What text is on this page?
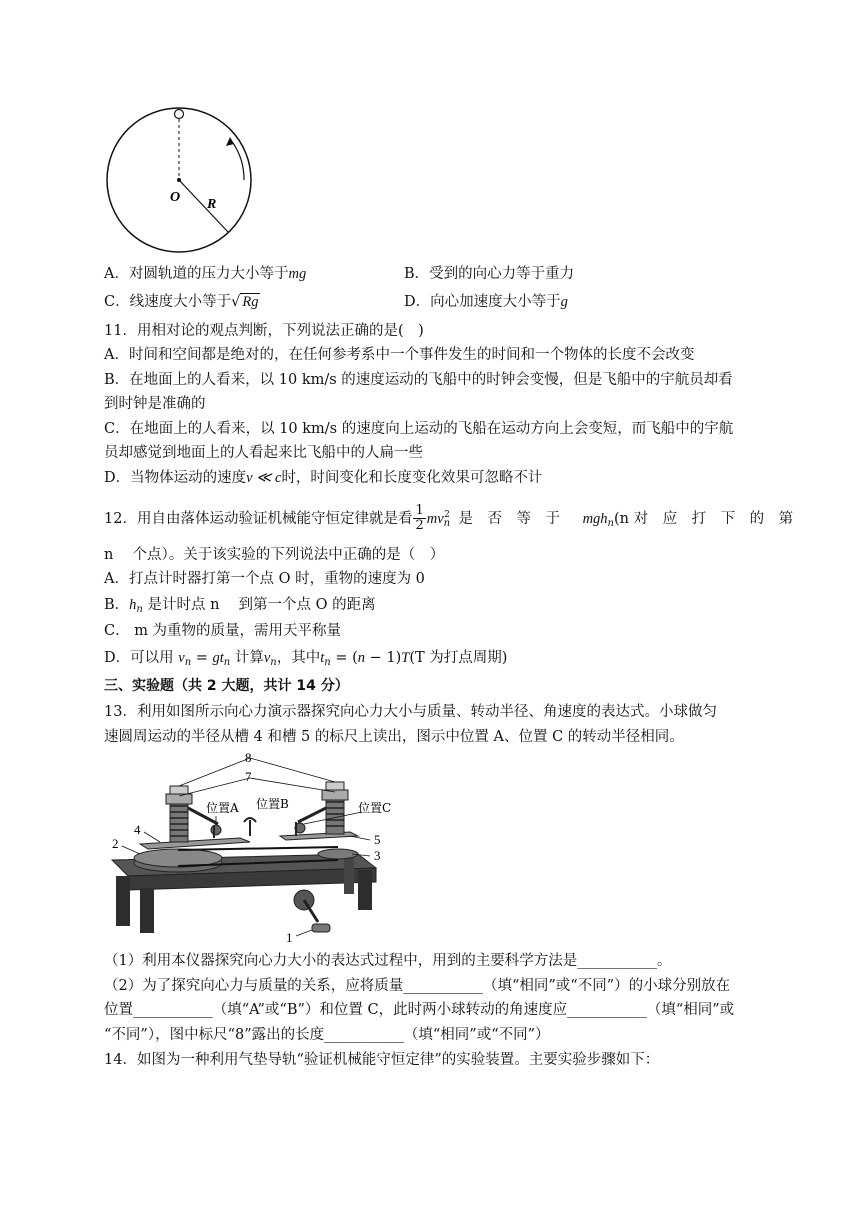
O R
A．对圆轨道的压力大小等于mg	B．受到的向心力等于重力
C．线速度大小等于√ Rg	D．向心加速度大小等于g
11．用相对论的观点判断，下列说法正确的是(　)
A．时间和空间都是绝对的，在任何参考系中一个事件发生的时间和一个物体的长度不会改变
B．在地面上的人看来，以 10 km/s 的速度运动的飞船中的时钟会变慢，但是飞船中的宇航员却看
到时钟是准确的
C．在地面上的人看来，以 10 km/s 的速度向上运动的飞船在运动方向上会变短，而飞船中的宇航
员却感觉到地面上的人看起来比飞船中的人扁一些
D．当物体运动的速度v ≪ c时，时间变化和长度变化效果可忽略不计
12．用自由落体运动验证机械能守恒定律就是看 $\frac{1}{2} mv_n^2$ 是　否　等　于 mgh$_n$(n 对　应　打　下　的　第
n 　个点）。关于该实验的下列说法中正确的是（　）
A．打点计时器打第一个点 O 时，重物的速度为 0
B．$h_n$ 是计时点 n 　到第一个点 O 的距离
C． m 为重物的质量，需用天平称量
D．可以用 $v_n = gt_n$ 计算$v_n$，其中$t_n = (n - 1)T(T$ 为打点周期)
三、实验题（共 2 大题，共计 14 分）
13．利用如图所示向心力演示器探究向心力大小与质量、转动半径、角速度的表达式。小球做匀
速圆周运动的半径从槽 4 和槽 5 的标尺上读出，图示中位置 A、位置 C 的转动半径相同。
8
7
位置A 位置B	位置C
4
2	5
3
1
（1）利用本仪器探究向心力大小的表达式过程中，用到的主要科学方法是___________。
（2）为了探究向心力与质量的关系，应将质量___________（填“相同”或“不同”）的小球分别放在
位置___________（填“A”或“B”）和位置 C，此时两小球转动的角速度应___________（填“相同”或
“不同”），图中标尺“8”露出的长度___________（填“相同”或“不同”）
14．如图为一种利用气垫导轨“验证机械能守恒定律”的实验装置。主要实验步骤如下：
